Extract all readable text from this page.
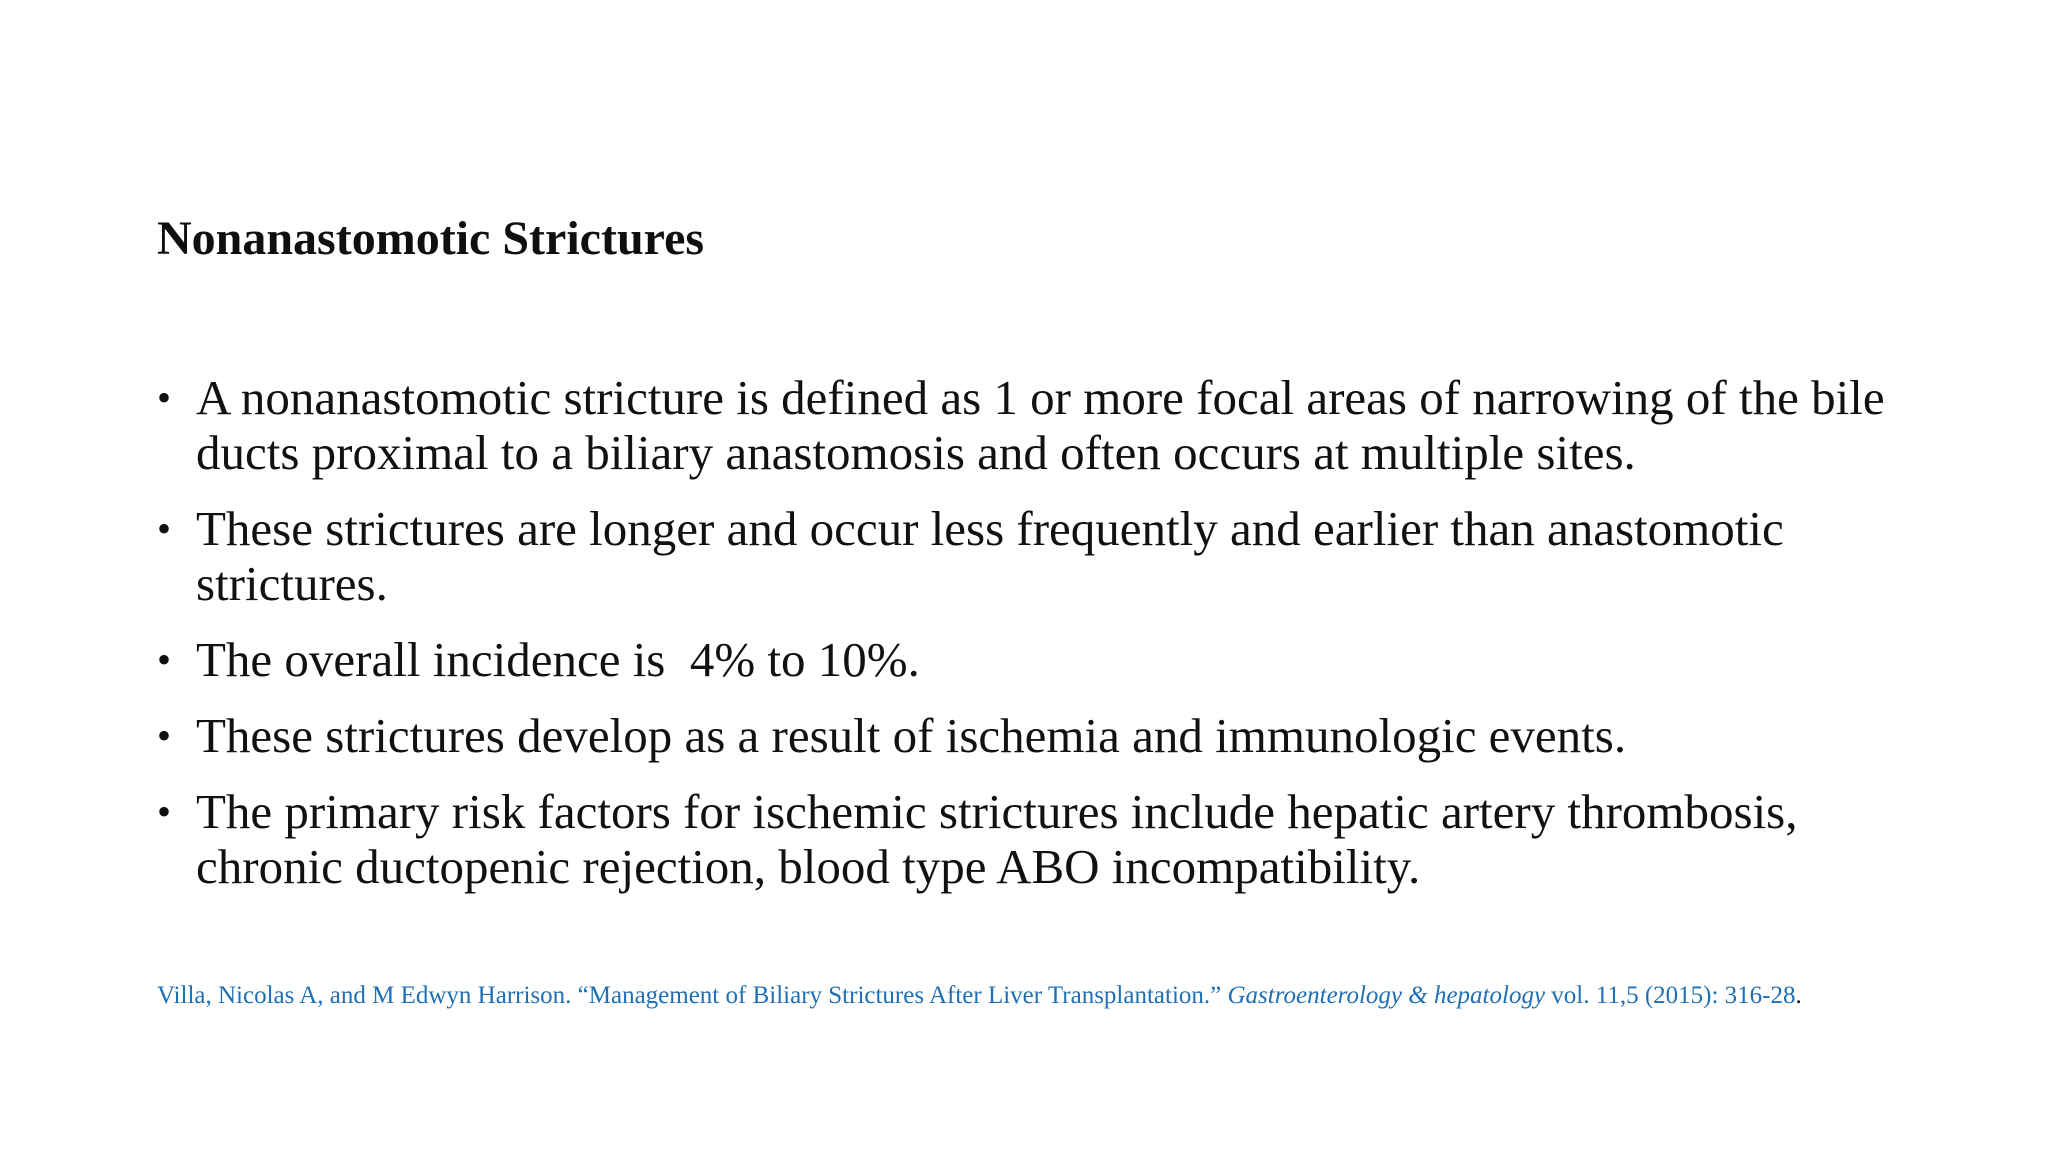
Nonanastomotic Strictures
• A nonanastomotic stricture is defined as 1 or more focal areas of narrowing of the bile ducts proximal to a biliary anastomosis and often occurs at multiple sites.
• These strictures are longer and occur less frequently and earlier than anastomotic strictures.
• The overall incidence is  4% to 10%.
• These strictures develop as a result of ischemia and immunologic events.
• The primary risk factors for ischemic strictures include hepatic artery thrombosis, chronic ductopenic rejection, blood type ABO incompatibility.

Villa, Nicolas A, and M Edwyn Harrison. “Management of Biliary Strictures After Liver Transplantation.” Gastroenterology & hepatology vol. 11,5 (2015): 316-28.
